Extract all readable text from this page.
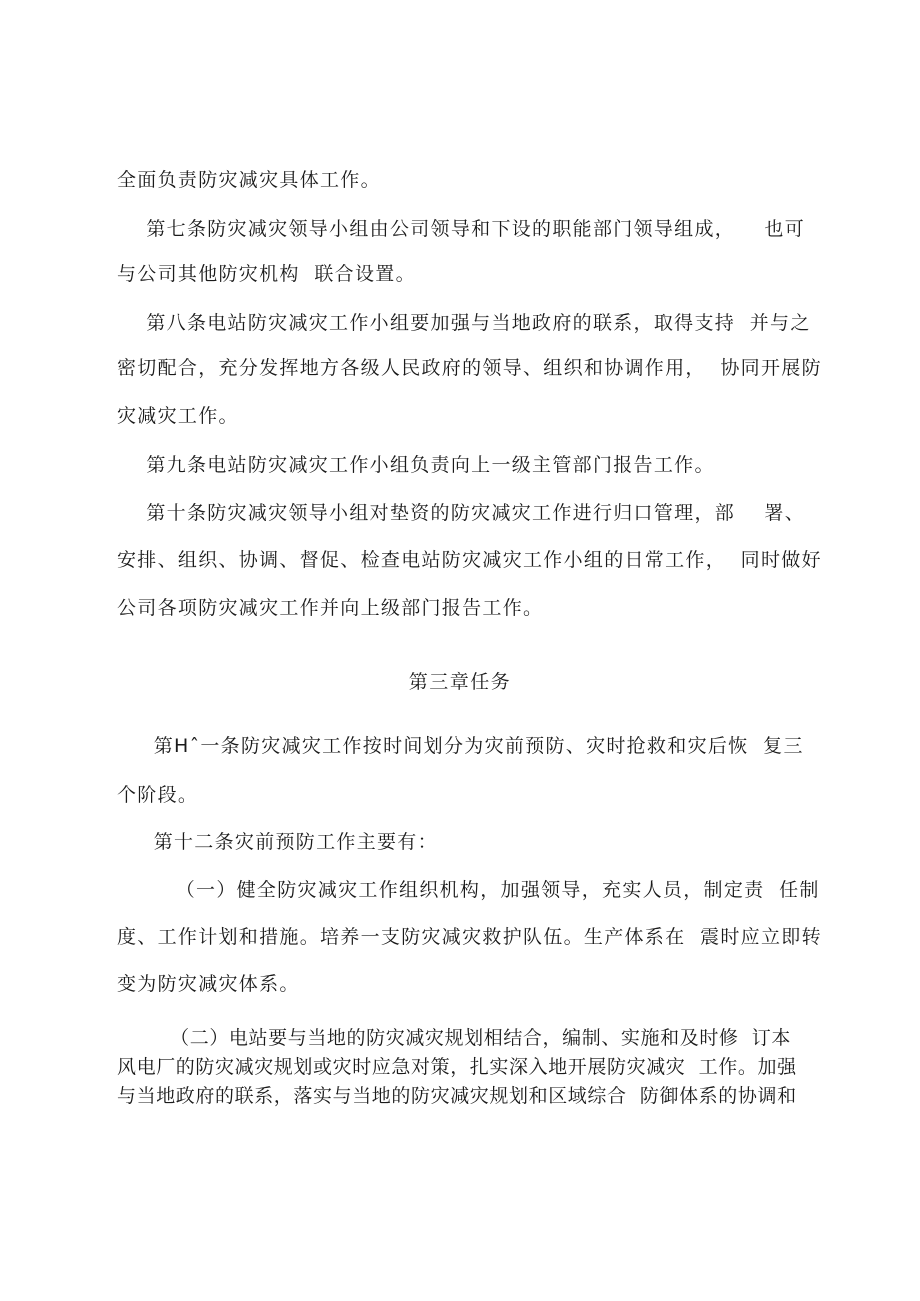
全面负责防灾减灾具体工作。
第七条防灾减灾领导小组由公司领导和下设的职能部门领导组成，    也可
与公司其他防灾机构  联合设置。
第八条电站防灾减灾工作小组要加强与当地政府的联系，取得支持  并与之
密切配合，充分发挥地方各级人民政府的领导、组织和协调作用，  协同开展防
灾减灾工作。
第九条电站防灾减灾工作小组负责向上一级主管部门报告工作。
第十条防灾减灾领导小组对垫资的防灾减灾工作进行归口管理，部    署、
安排、组织、协调、督促、检查电站防灾减灾工作小组的日常工作，  同时做好
公司各项防灾减灾工作并向上级部门报告工作。
第三章任务
第Hˆ一条防灾减灾工作按时间划分为灾前预防、灾时抢救和灾后恢  复三
个阶段。
第十二条灾前预防工作主要有：
（一）健全防灾减灾工作组织机构，加强领导，充实人员，制定责  任制
度、工作计划和措施。培养一支防灾减灾救护队伍。生产体系在  震时应立即转
变为防灾减灾体系。
（二）电站要与当地的防灾减灾规划相结合，编制、实施和及时修  订本
风电厂的防灾减灾规划或灾时应急对策，扎实深入地开展防灾减灾  工作。加强
与当地政府的联系，落实与当地的防灾减灾规划和区域综合  防御体系的协调和
